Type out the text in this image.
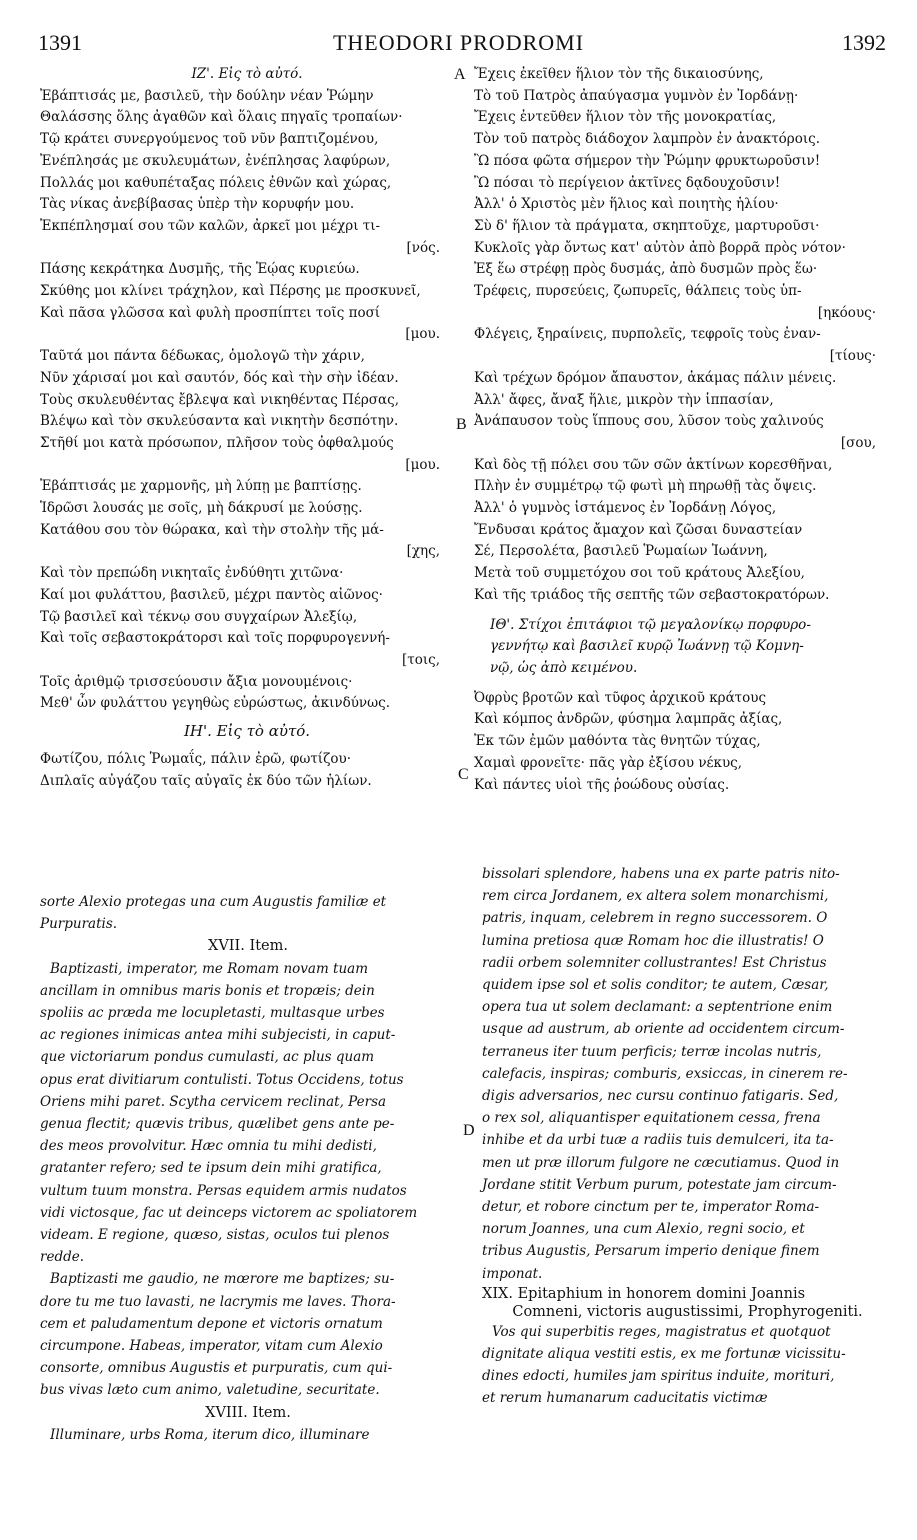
1391	THEODORI PRODROMI	1392

ΙΖ'. Εἰς τὸ αὐτό.

Ἐβάπτισάς με, βασιλεῦ, τὴν δούλην νέαν Ῥώμην

Θαλάσσης ὅλης ἀγαθῶν καὶ ὅλαις πηγαῖς τροπαίων·

Τῷ κράτει συνεργούμενος τοῦ νῦν βαπτιζομένου,

Ἐνέπλησάς με σκυλευμάτων, ἐνέπλησας λαφύρων,

Πολλάς μοι καθυπέταξας πόλεις ἐθνῶν καὶ χώρας,

Τὰς νίκας ἀνεβίβασας ὑπὲρ τὴν κορυφήν μου.

Ἐκπέπλησμαί σου τῶν καλῶν, ἀρκεῖ μοι μέχρι τι-

[νός.

Πάσης κεκράτηκα Δυσμῆς, τῆς Ἑῴας κυριεύω.

Σκύθης μοι κλίνει τράχηλον, καὶ Πέρσης με προσκυνεῖ,

Καὶ πᾶσα γλῶσσα καὶ φυλὴ προσπίπτει τοῖς ποσί

[μου.

Ταῦτά μοι πάντα δέδωκας, ὁμολογῶ τὴν χάριν,

Νῦν χάρισαί μοι καὶ σαυτόν, δός καὶ τὴν σὴν ἰδέαν.

Τοὺς σκυλευθέντας ἔβλεψα καὶ νικηθέντας Πέρσας,

Βλέψω καὶ τὸν σκυλεύσαντα καὶ νικητὴν δεσπότην.

Στῆθί μοι κατὰ πρόσωπον, πλῆσον τοὺς ὀφθαλμούς

[μου.

Ἐβάπτισάς με χαρμονῆς, μὴ λύπῃ με βαπτίσῃς.

Ἱδρῶσι λουσάς με σοῖς, μὴ δάκρυσί με λούσῃς.

Κατάθου σου τὸν θώρακα, καὶ τὴν στολὴν τῆς μά-

[χης,

Καὶ τὸν πρεπώδη νικηταῖς ἐνδύθητι χιτῶνα·

Καί μοι φυλάττου, βασιλεῦ, μέχρι παντὸς αἰῶνος·

Τῷ βασιλεῖ καὶ τέκνῳ σου συγχαίρων Ἀλεξίῳ,

Καὶ τοῖς σεβαστοκράτορσι καὶ τοῖς πορφυρογεννή-

[τοις,

Τοῖς ἀριθμῷ τρισσεύουσιν ἄξια μονουμένοις·

Μεθ' ὧν φυλάττου γεγηθὼς εὐρώστως, ἀκινδύνως.

ΙΗ'. Εἰς τὸ αὐτό.

Φωτίζου, πόλις Ῥωμαΐς, πάλιν ἐρῶ, φωτίζου·

Διπλαῖς αὐγάζου ταῖς αὐγαῖς ἐκ δύο τῶν ἡλίων.

Ἔχεις ἐκεῖθεν ἥλιον τὸν τῆς δικαιοσύνης,

Τὸ τοῦ Πατρὸς ἀπαύγασμα γυμνὸν ἐν Ἰορδάνῃ·

Ἔχεις ἐντεῦθεν ἥλιον τὸν τῆς μονοκρατίας,

Τὸν τοῦ πατρὸς διάδοχον λαμπρὸν ἐν ἀνακτόροις.

Ὢ πόσα φῶτα σήμερον τὴν Ῥώμην φρυκτωροῦσιν!

Ὢ πόσαι τὸ περίγειον ἀκτῖνες δᾳδουχοῦσιν!

Ἀλλ' ὁ Χριστὸς μὲν ἥλιος καὶ ποιητὴς ἡλίου·

Σὺ δ' ἥλιον τὰ πράγματα, σκηπτοῦχε, μαρτυροῦσι·

Κυκλοῖς γὰρ ὄντως κατ' αὐτὸν ἀπὸ βορρᾶ πρὸς νότον·

Ἐξ ἕω στρέφῃ πρὸς δυσμάς, ἀπὸ δυσμῶν πρὸς ἕω·

Τρέφεις, πυρσεύεις, ζωπυρεῖς, θάλπεις τοὺς ὑπ-

[ηκόους·

Φλέγεις, ξηραίνεις, πυρπολεῖς, τεφροῖς τοὺς ἐναν-

[τίους·

Καὶ τρέχων δρόμον ἄπαυστον, ἀκάμας πάλιν μένεις.

Ἀλλ' ἄφες, ἄναξ ἥλιε, μικρὸν τὴν ἱππασίαν,

Ἀνάπαυσον τοὺς ἵππους σου, λῦσον τοὺς χαλινούς

[σου,

Καὶ δὸς τῇ πόλει σου τῶν σῶν ἀκτίνων κορεσθῆναι,

Πλὴν ἐν συμμέτρῳ τῷ φωτὶ μὴ πηρωθῇ τὰς ὄψεις.

Ἀλλ' ὁ γυμνὸς ἱστάμενος ἐν Ἰορδάνῃ Λόγος,

Ἔνδυσαι κράτος ἄμαχον καὶ ζῶσαι δυναστείαν

Σέ, Περσολέτα, βασιλεῦ Ῥωμαίων Ἰωάννη,

Μετὰ τοῦ συμμετόχου σοι τοῦ κράτους Ἀλεξίου,

Καὶ τῆς τριάδος τῆς σεπτῆς τῶν σεβαστοκρατόρων.

ΙΘ'. Στίχοι ἐπιτάφιοι τῷ μεγαλονίκῳ πορφυρο-

γεννήτῳ καὶ βασιλεῖ κυρῷ Ἰωάννῃ τῷ Κομνη-

νῷ, ὡς ἀπὸ κειμένου.

Ὀφρὺς βροτῶν καὶ τῦφος ἀρχικοῦ κράτους

Καὶ κόμπος ἀνδρῶν, φύσημα λαμπρᾶς ἀξίας,

Ἐκ τῶν ἐμῶν μαθόντα τὰς θνητῶν τύχας,

Χαμαὶ φρονεῖτε· πᾶς γὰρ ἐξίσου νέκυς,

Καὶ πάντες υἱοὶ τῆς ῥοώδους οὐσίας.

sorte Alexio protegas una cum Augustis familiæ et

Purpuratis.

XVII. Item.

Baptizasti, imperator, me Romam novam tuam

ancillam in omnibus maris bonis et tropæis; dein

spoliis ac præda me locupletasti, multasque urbes

ac regiones inimicas antea mihi subjecisti, in caput-

que victoriarum pondus cumulasti, ac plus quam

opus erat divitiarum contulisti. Totus Occidens, totus

Oriens mihi paret. Scytha cervicem reclinat, Persa

genua flectit; quævis tribus, quælibet gens ante pe-

des meos provolvitur. Hæc omnia tu mihi dedisti,

gratanter refero; sed te ipsum dein mihi gratifica,

vultum tuum monstra. Persas equidem armis nudatos

vidi victosque, fac ut deinceps victorem ac spoliatorem

videam. E regione, quæso, sistas, oculos tui plenos

redde.

Baptizasti me gaudio, ne mœrore me baptizes; su-

dore tu me tuo lavasti, ne lacrymis me laves. Thora-

cem et paludamentum depone et victoris ornatum

circumpone. Habeas, imperator, vitam cum Alexio

consorte, omnibus Augustis et purpuratis, cum qui-

bus vivas læto cum animo, valetudine, securitate.

XVIII. Item.

Illuminare, urbs Roma, iterum dico, illuminare

bissolari splendore, habens una ex parte patris nito-

rem circa Jordanem, ex altera solem monarchismi,

patris, inquam, celebrem in regno successorem. O

lumina pretiosa quæ Romam hoc die illustratis! O

radii orbem solemniter collustrantes! Est Christus

quidem ipse sol et solis conditor; te autem, Cæsar,

opera tua ut solem declamant: a septentrione enim

usque ad austrum, ab oriente ad occidentem circum-

terraneus iter tuum perficis; terræ incolas nutris,

calefacis, inspiras; comburis, exsiccas, in cinerem re-

digis adversarios, nec cursu continuo fatigaris. Sed,

o rex sol, aliquantisper equitationem cessa, frena

inhibe et da urbi tuæ a radiis tuis demulceri, ita ta-

men ut præ illorum fulgore ne cæcutiamus. Quod in

Jordane stitit Verbum purum, potestate jam circum-

detur, et robore cinctum per te, imperator Roma-

norum Joannes, una cum Alexio, regni socio, et

tribus Augustis, Persarum imperio denique finem

imponat.

XIX. Epitaphium in honorem domini Joannis

Comneni, victoris augustissimi, Prophyrogeniti.

Vos qui superbitis reges, magistratus et quotquot

dignitate aliqua vestiti estis, ex me fortunæ vicissitu-

dines edocti, humiles jam spiritus induite, morituri,

et rerum humanarum caducitatis victimæ

A
B
C
D
